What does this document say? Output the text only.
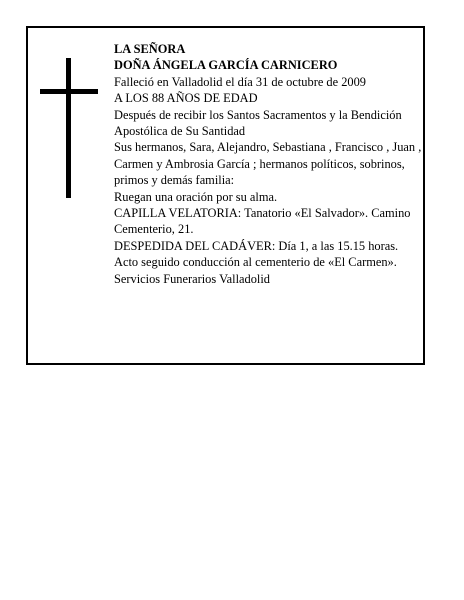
LA SEÑORA

DOÑA ÁNGELA GARCÍA CARNICERO

Falleció en Valladolid el día 31 de octubre de 2009

A LOS 88 AÑOS DE EDAD

Después de recibir los Santos Sacramentos y la Bendición Apostólica de Su Santidad

Sus hermanos, Sara, Alejandro, Sebastiana , Francisco , Juan , Carmen y Ambrosia García ; hermanos políticos, sobrinos, primos y demás familia:

Ruegan una oración por su alma.

CAPILLA VELATORIA: Tanatorio «El Salvador». Camino Cementerio, 21.

DESPEDIDA DEL CADÁVER: Día 1, a las 15.15 horas. Acto seguido conducción al cementerio de «El Carmen».

Servicios Funerarios Valladolid
